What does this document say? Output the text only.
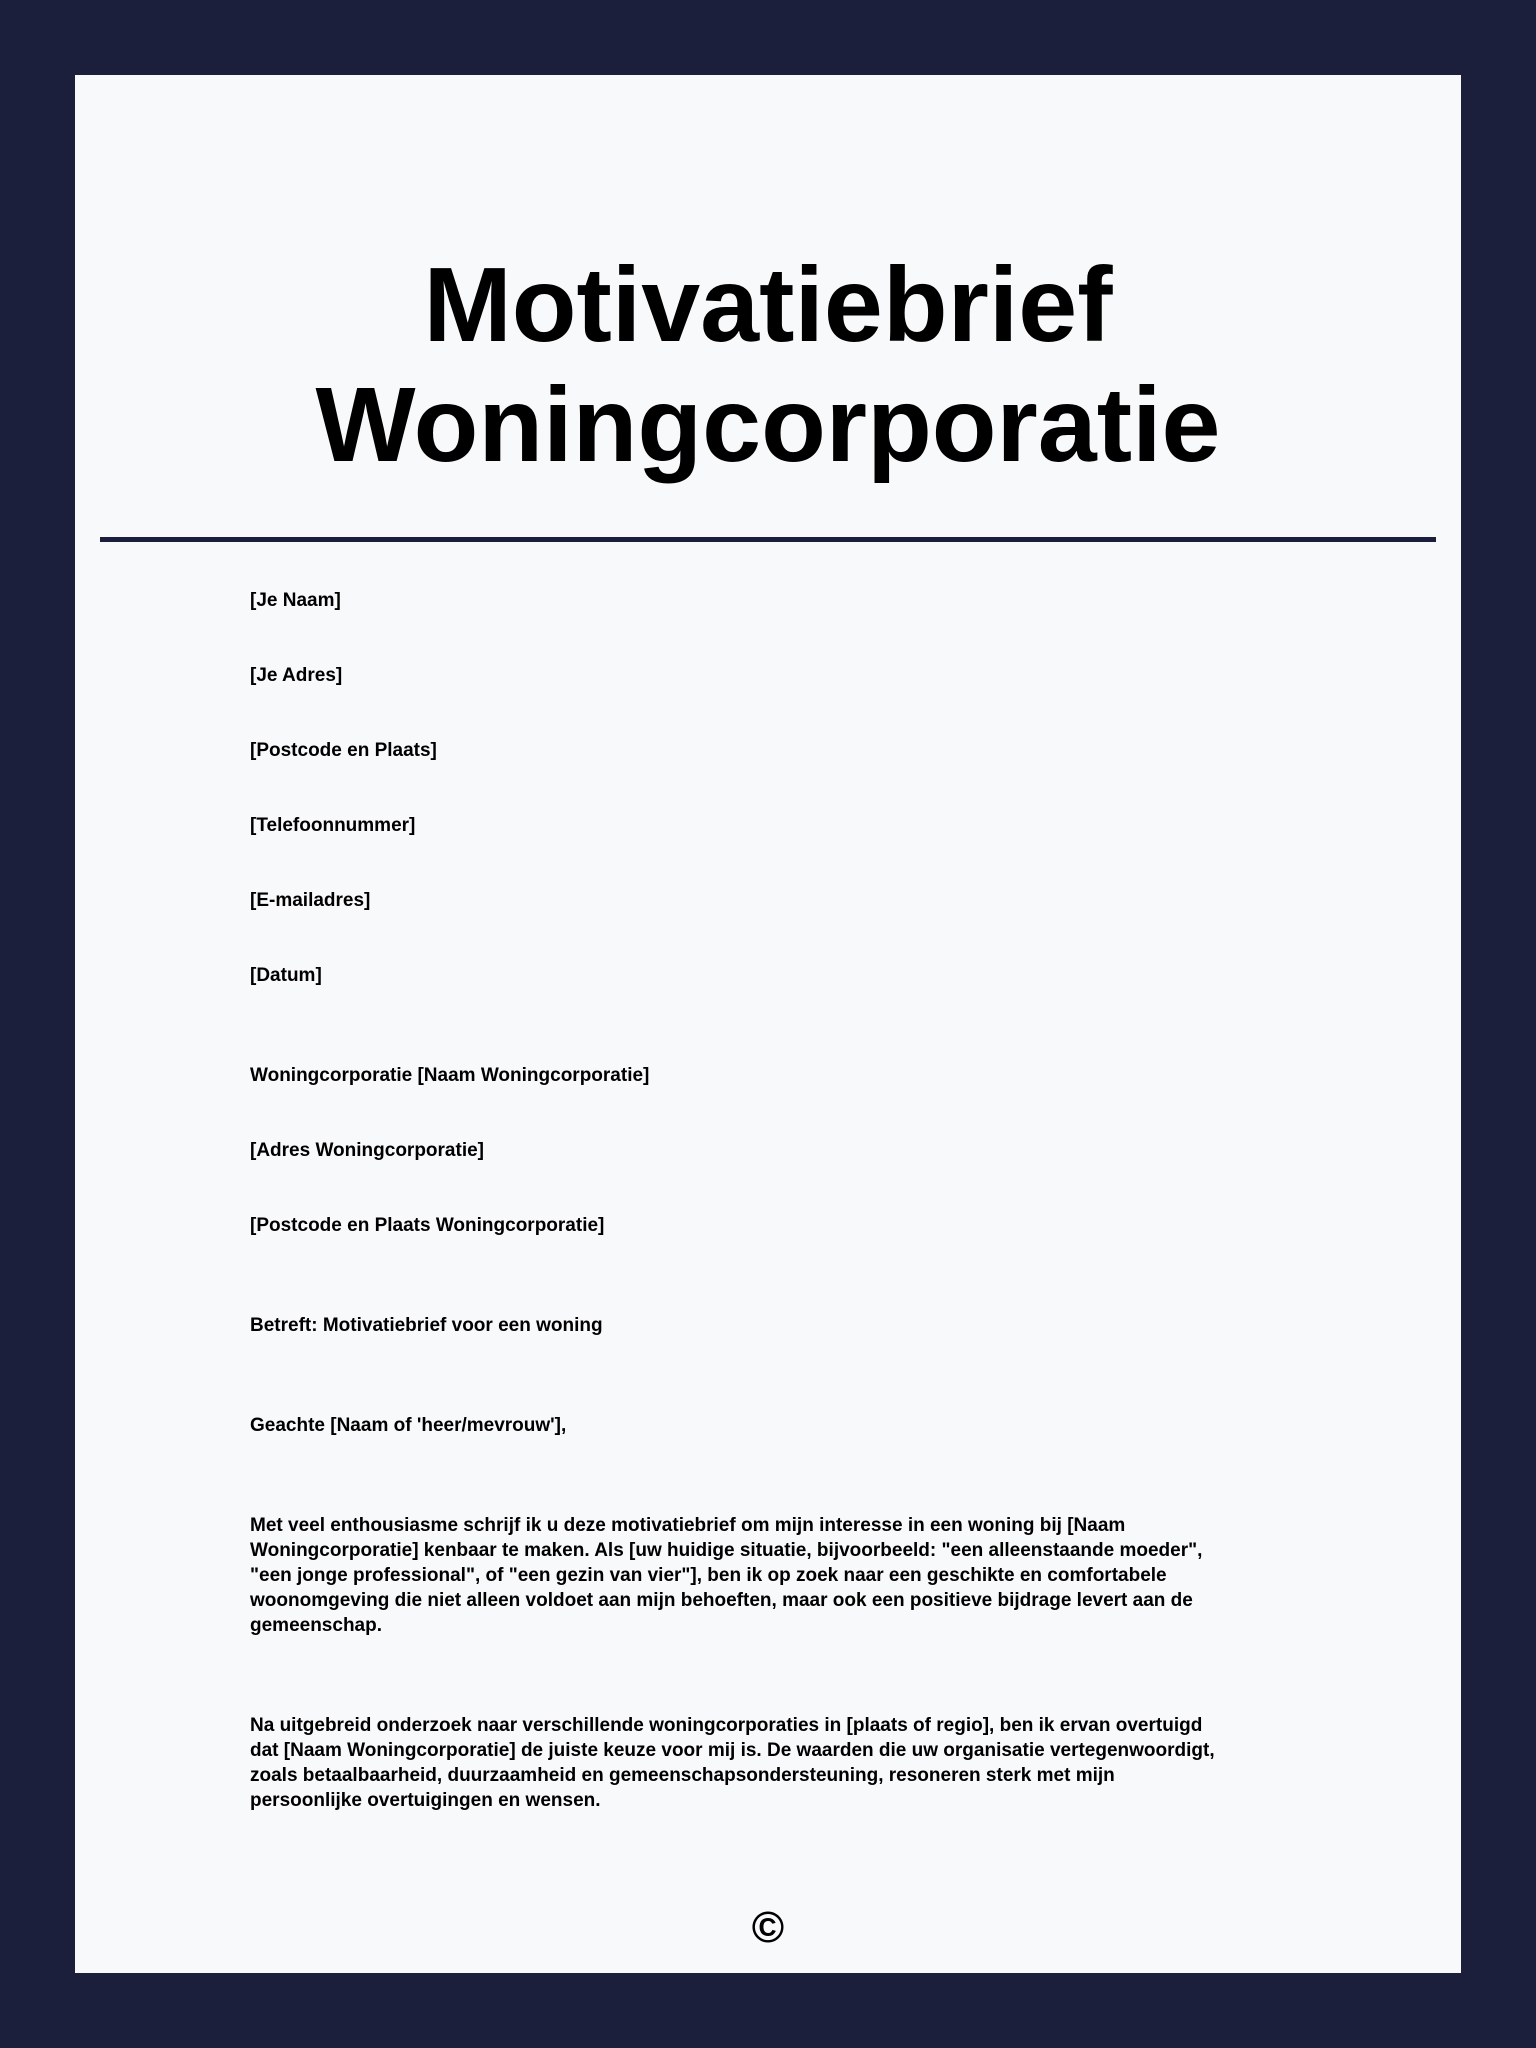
Motivatiebrief
Woningcorporatie

[Je Naam]

[Je Adres]

[Postcode en Plaats]

[Telefoonnummer]

[E-mailadres]

[Datum]

Woningcorporatie [Naam Woningcorporatie]

[Adres Woningcorporatie]

[Postcode en Plaats Woningcorporatie]

Betreft: Motivatiebrief voor een woning

Geachte [Naam of 'heer/mevrouw'],

Met veel enthousiasme schrijf ik u deze motivatiebrief om mijn interesse in een woning bij [Naam
Woningcorporatie] kenbaar te maken. Als [uw huidige situatie, bijvoorbeeld: "een alleenstaande moeder",
"een jonge professional", of "een gezin van vier"], ben ik op zoek naar een geschikte en comfortabele
woonomgeving die niet alleen voldoet aan mijn behoeften, maar ook een positieve bijdrage levert aan de
gemeenschap.

Na uitgebreid onderzoek naar verschillende woningcorporaties in [plaats of regio], ben ik ervan overtuigd
dat [Naam Woningcorporatie] de juiste keuze voor mij is. De waarden die uw organisatie vertegenwoordigt,
zoals betaalbaarheid, duurzaamheid en gemeenschapsondersteuning, resoneren sterk met mijn
persoonlijke overtuigingen en wensen.

©
